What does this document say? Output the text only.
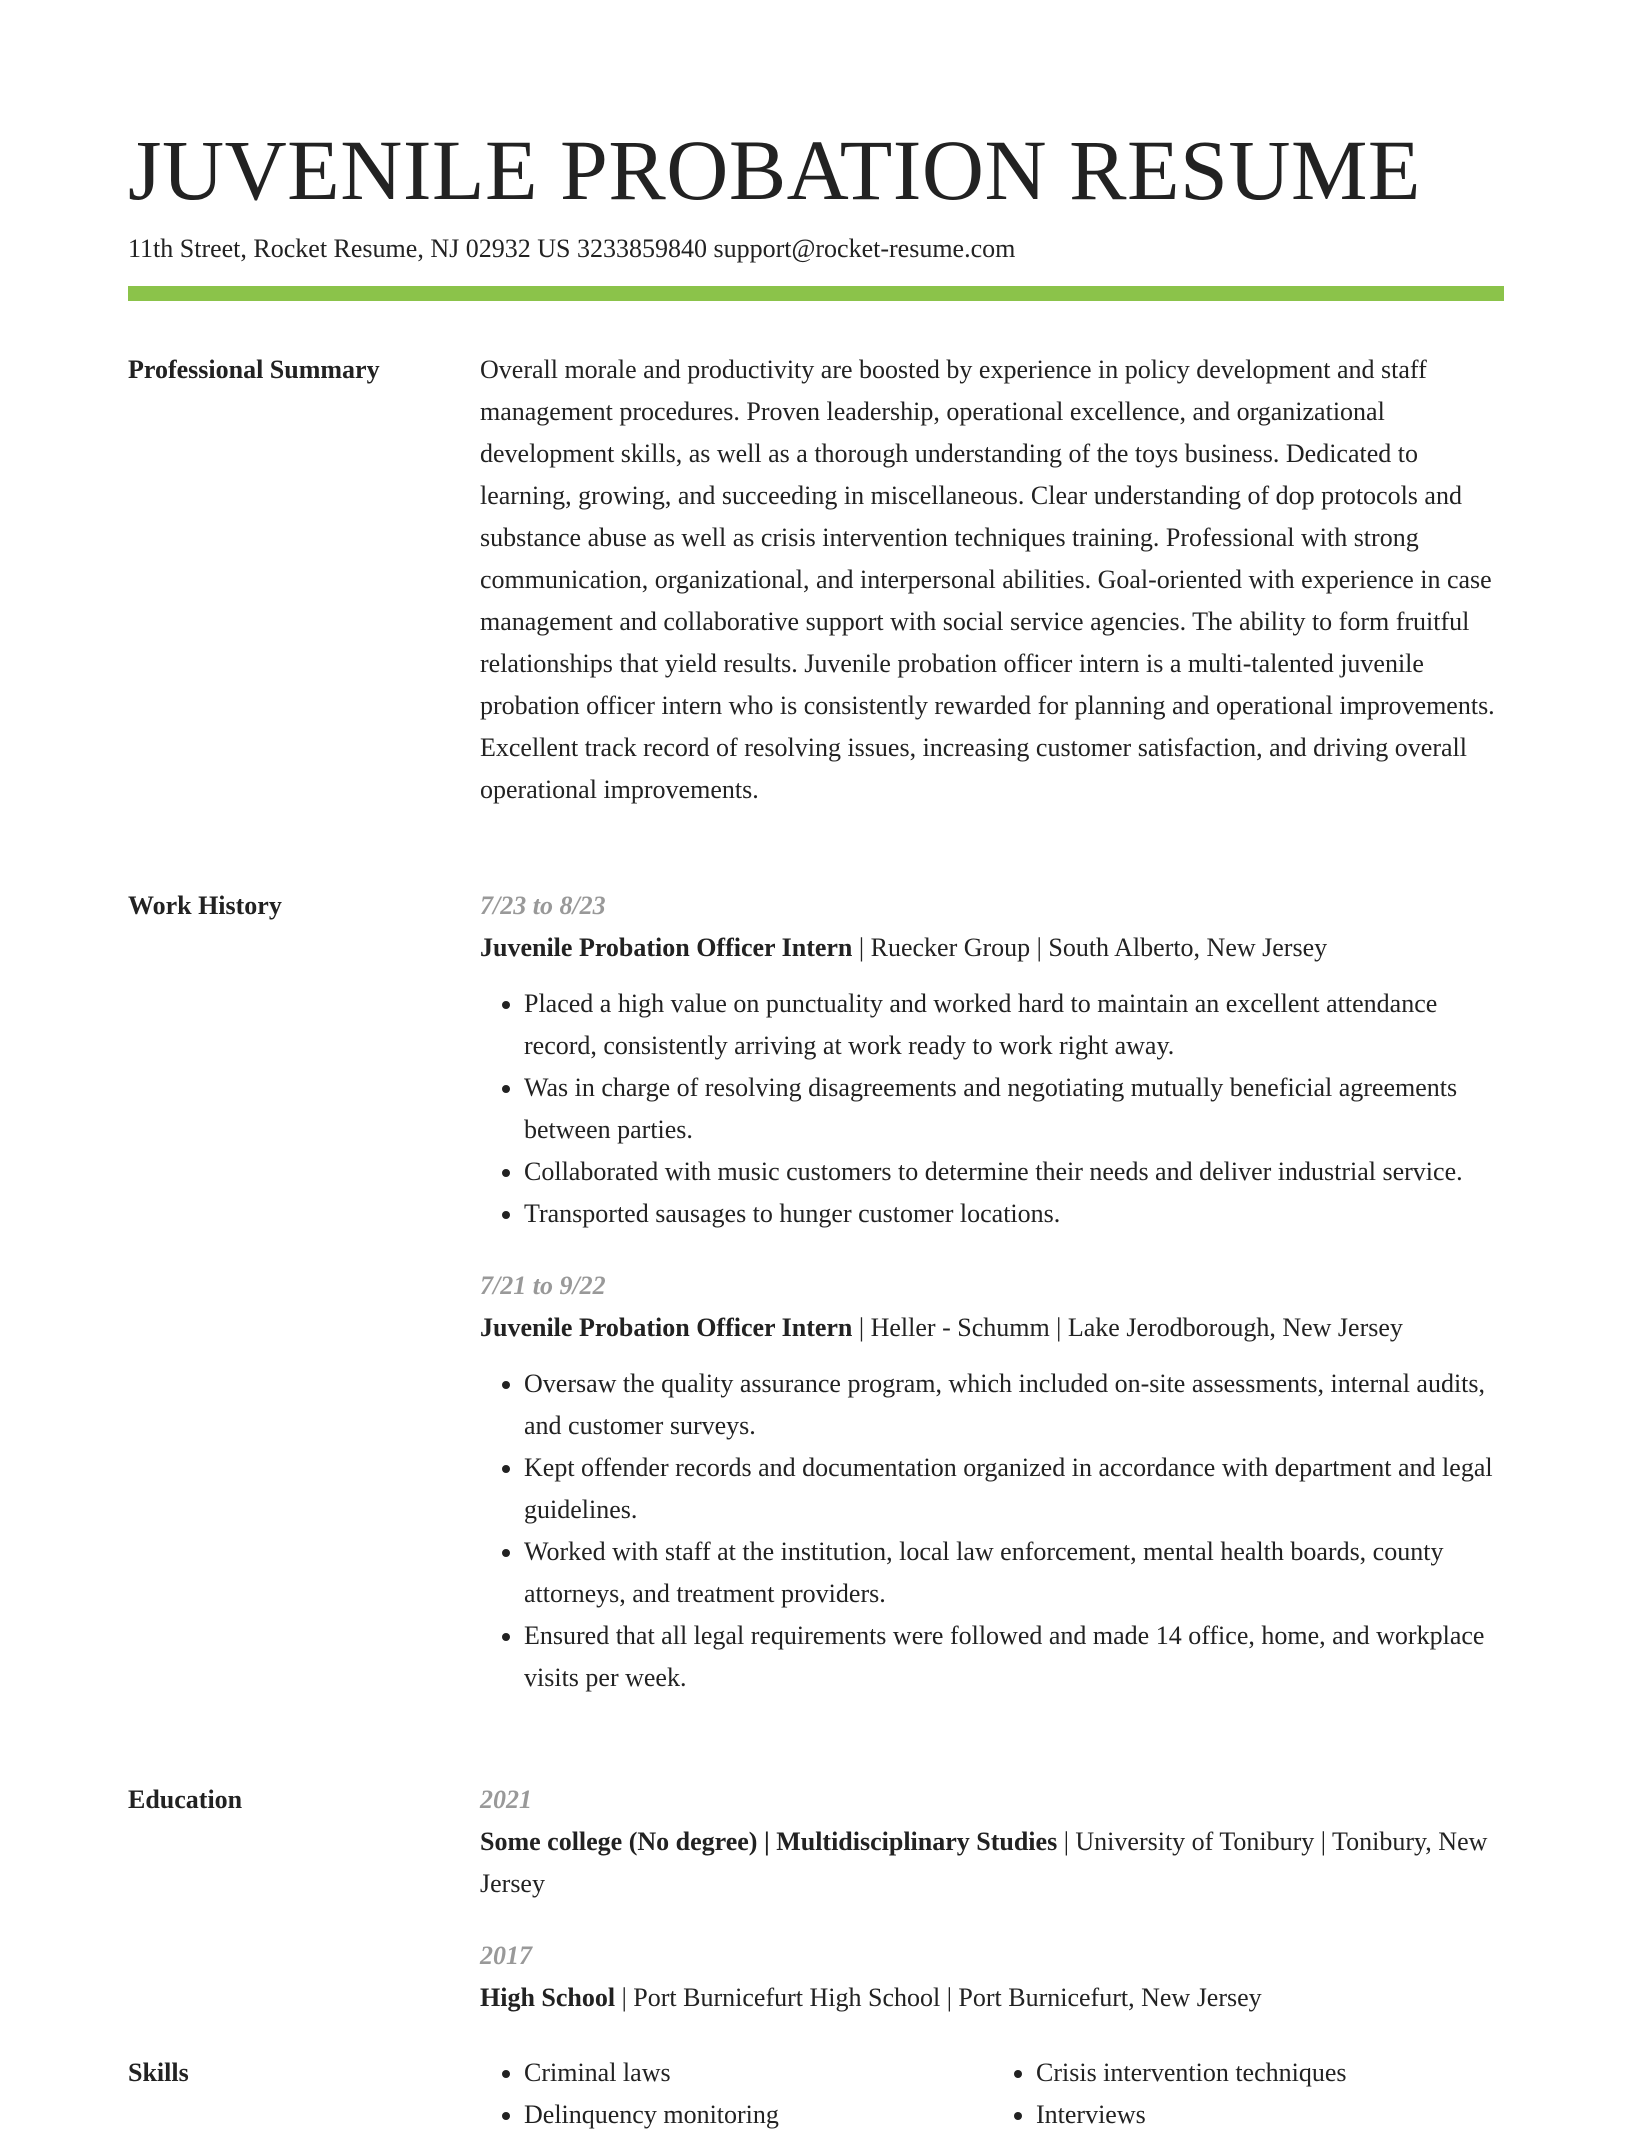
JUVENILE PROBATION RESUME
11th Street, Rocket Resume, NJ 02932 US 3233859840 support@rocket-resume.com
Professional Summary	Overall morale and productivity are boosted by experience in policy development and staff management procedures. Proven leadership, operational excellence, and organizational development skills, as well as a thorough understanding of the toys business. Dedicated to learning, growing, and succeeding in miscellaneous. Clear understanding of dop protocols and substance abuse as well as crisis intervention techniques training. Professional with strong communication, organizational, and interpersonal abilities. Goal-oriented with experience in case management and collaborative support with social service agencies. The ability to form fruitful relationships that yield results. Juvenile probation officer intern is a multi-talented juvenile probation officer intern who is consistently rewarded for planning and operational improvements. Excellent track record of resolving issues, increasing customer satisfaction, and driving overall operational improvements.

Work History	7/23 to 8/23
Juvenile Probation Officer Intern | Ruecker Group | South Alberto, New Jersey
• Placed a high value on punctuality and worked hard to maintain an excellent attendance record, consistently arriving at work ready to work right away.
• Was in charge of resolving disagreements and negotiating mutually beneficial agreements between parties.
• Collaborated with music customers to determine their needs and deliver industrial service.
• Transported sausages to hunger customer locations.
7/21 to 9/22
Juvenile Probation Officer Intern | Heller - Schumm | Lake Jerodborough, New Jersey
• Oversaw the quality assurance program, which included on-site assessments, internal audits, and customer surveys.
• Kept offender records and documentation organized in accordance with department and legal guidelines.
• Worked with staff at the institution, local law enforcement, mental health boards, county attorneys, and treatment providers.
• Ensured that all legal requirements were followed and made 14 office, home, and workplace visits per week.
Education	2021
Some college (No degree) | Multidisciplinary Studies | University of Tonibury | Tonibury, New Jersey
2017
High School | Port Burnicefurt High School | Port Burnicefurt, New Jersey
Skills
•	Criminal laws
• Delinquency monitoring
• Crisis intervention techniques
• Interviews
